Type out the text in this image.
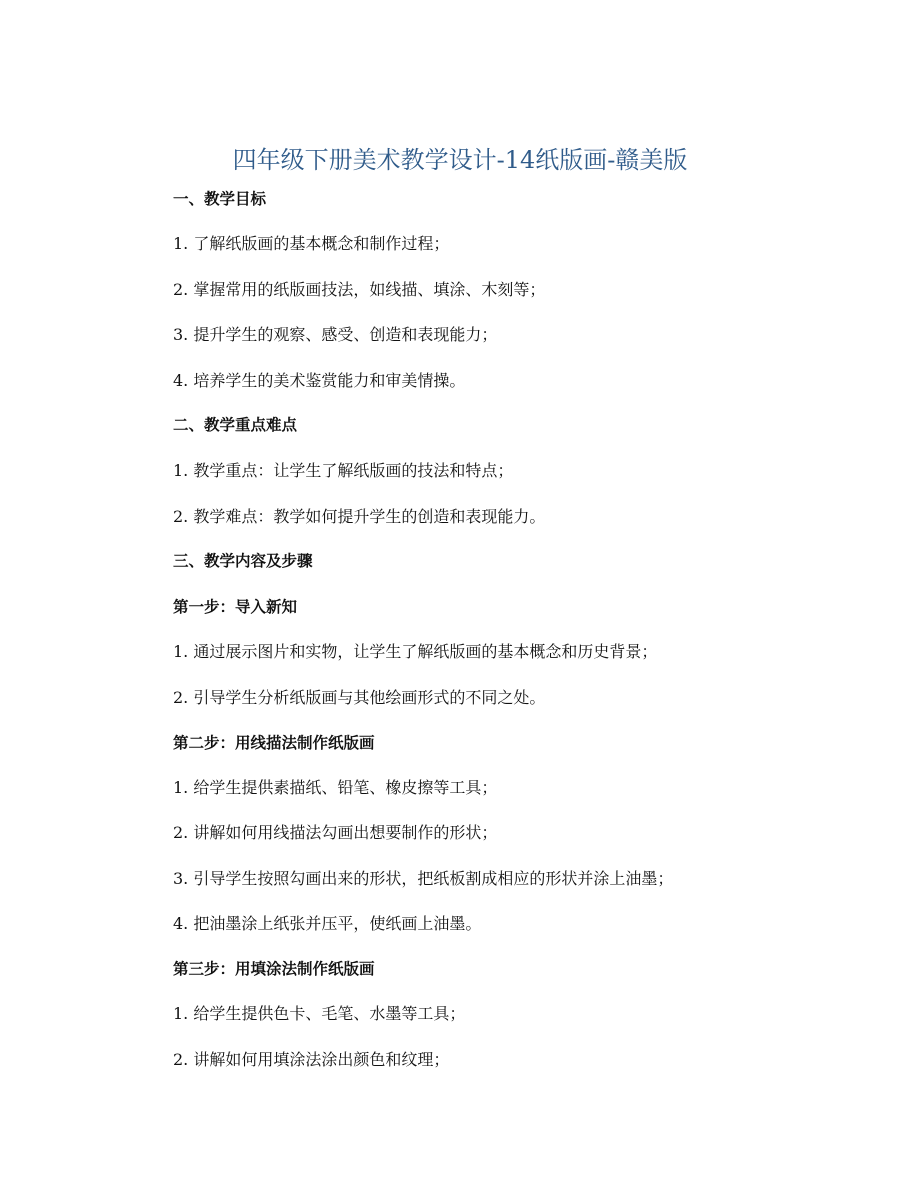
四年级下册美术教学设计-14纸版画-赣美版

一、教学目标

1. 了解纸版画的基本概念和制作过程；

2. 掌握常用的纸版画技法，如线描、填涂、木刻等；

3. 提升学生的观察、感受、创造和表现能力；

4. 培养学生的美术鉴赏能力和审美情操。

二、教学重点难点

1. 教学重点：让学生了解纸版画的技法和特点；

2. 教学难点：教学如何提升学生的创造和表现能力。

三、教学内容及步骤

第一步：导入新知

1. 通过展示图片和实物，让学生了解纸版画的基本概念和历史背景；

2. 引导学生分析纸版画与其他绘画形式的不同之处。

第二步：用线描法制作纸版画

1. 给学生提供素描纸、铅笔、橡皮擦等工具；

2. 讲解如何用线描法勾画出想要制作的形状；

3. 引导学生按照勾画出来的形状，把纸板割成相应的形状并涂上油墨；

4. 把油墨涂上纸张并压平，使纸画上油墨。

第三步：用填涂法制作纸版画

1. 给学生提供色卡、毛笔、水墨等工具；

2. 讲解如何用填涂法涂出颜色和纹理；
